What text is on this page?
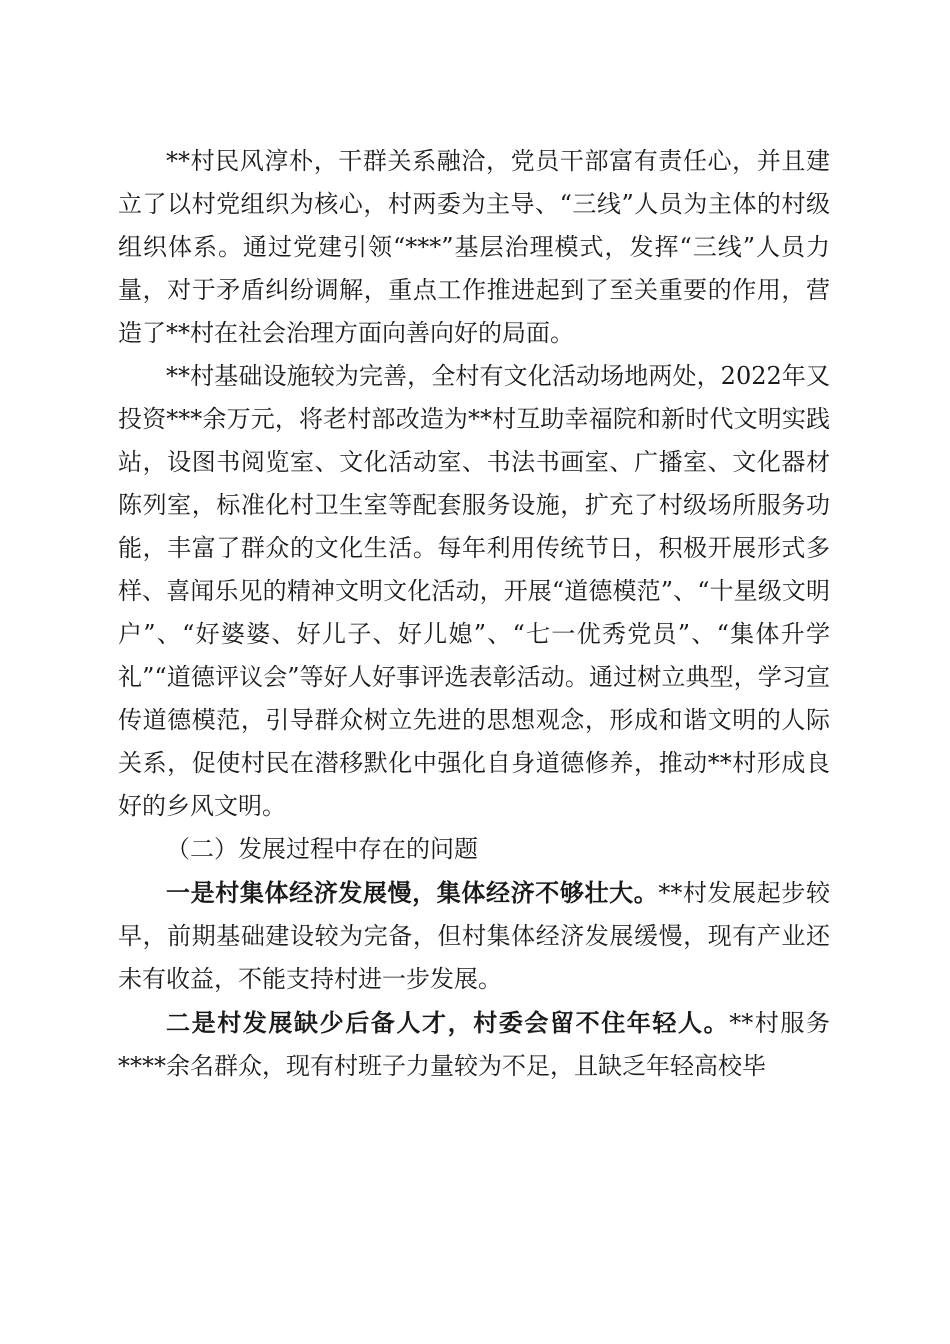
**村民风淳朴，干群关系融洽，党员干部富有责任心，并且建立了以村党组织为核心，村两委为主导、“三线”人员为主体的村级组织体系。通过党建引领“***”基层治理模式，发挥“三线”人员力量，对于矛盾纠纷调解，重点工作推进起到了至关重要的作用，营造了**村在社会治理方面向善向好的局面。

**村基础设施较为完善，全村有文化活动场地两处，2022年又投资***余万元，将老村部改造为**村互助幸福院和新时代文明实践站，设图书阅览室、文化活动室、书法书画室、广播室、文化器材陈列室，标准化村卫生室等配套服务设施，扩充了村级场所服务功能，丰富了群众的文化生活。每年利用传统节日，积极开展形式多样、喜闻乐见的精神文明文化活动，开展“道德模范”、“十星级文明户”、“好婆婆、好儿子、好儿媳”、“七一优秀党员”、“集体升学礼”“道德评议会”等好人好事评选表彰活动。通过树立典型，学习宣传道德模范，引导群众树立先进的思想观念，形成和谐文明的人际关系，促使村民在潜移默化中强化自身道德修养，推动**村形成良好的乡风文明。

（二）发展过程中存在的问题

一是村集体经济发展慢，集体经济不够壮大。**村发展起步较早，前期基础建设较为完备，但村集体经济发展缓慢，现有产业还未有收益，不能支持村进一步发展。

二是村发展缺少后备人才，村委会留不住年轻人。**村服务****余名群众，现有村班子力量较为不足，且缺乏年轻高校毕
